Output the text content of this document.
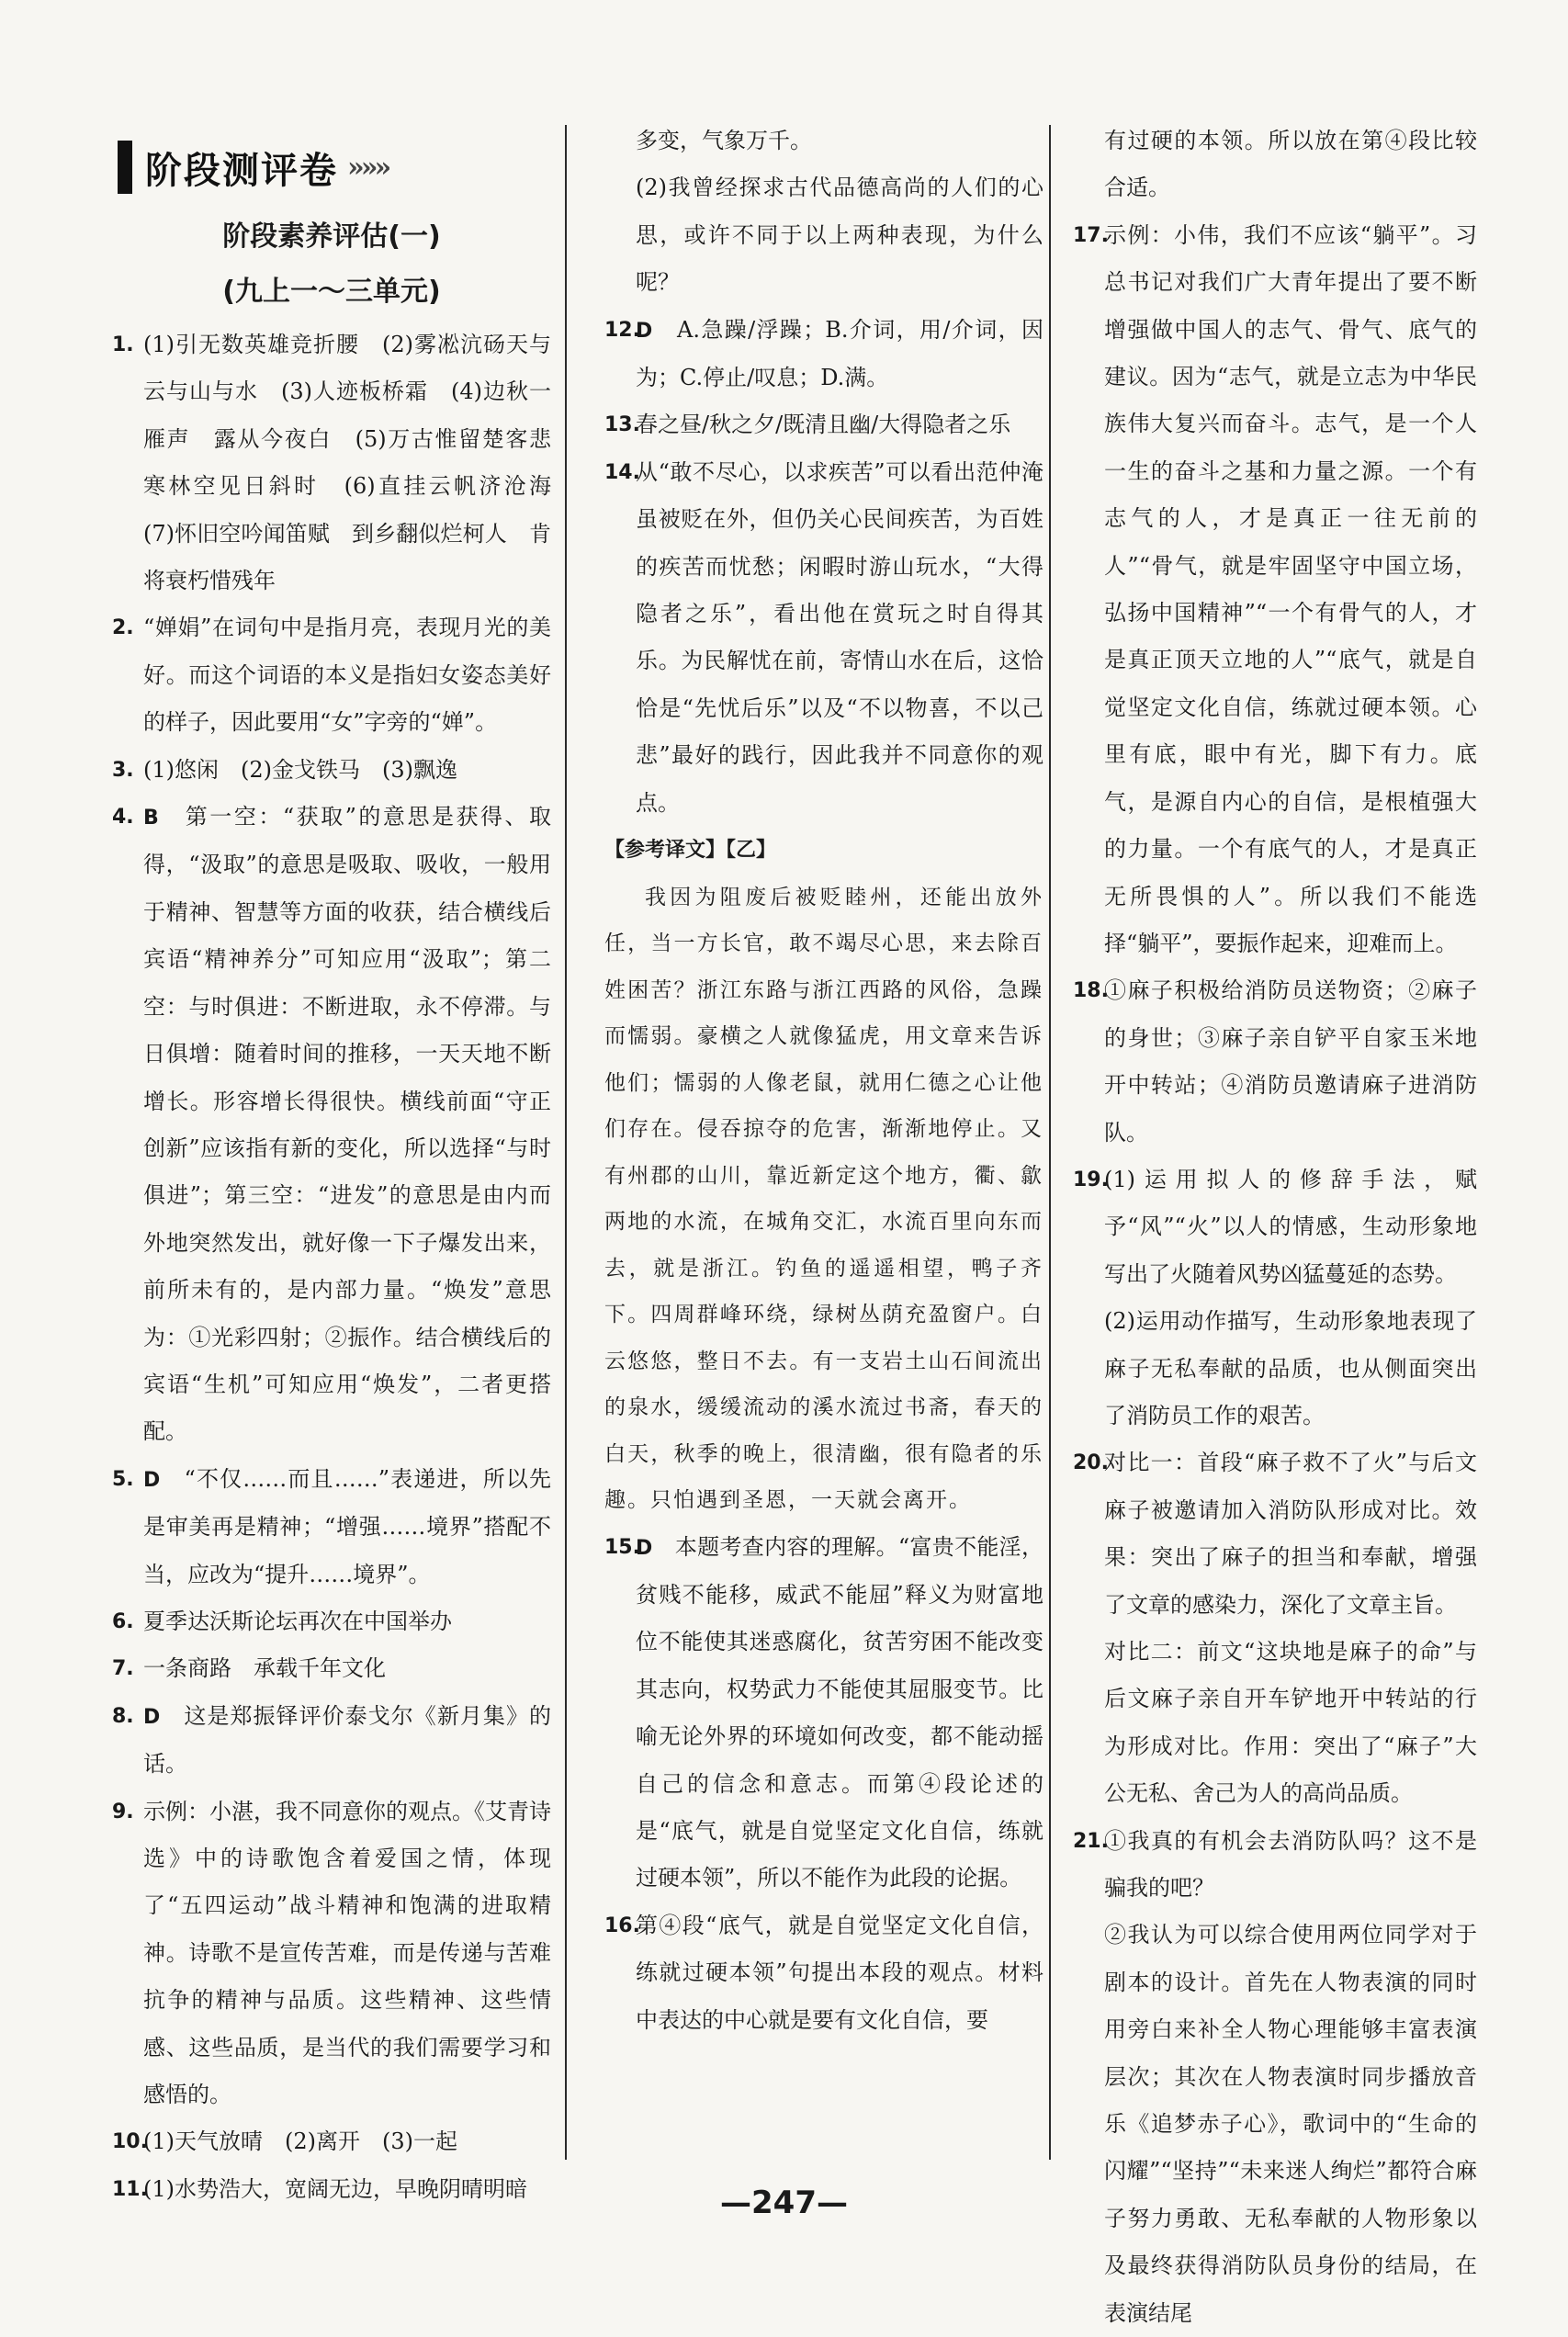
阶段测评卷 »»»
阶段素养评估(一)
(九上一～三单元)
1. (1)引无数英雄竞折腰　(2)雾凇沆砀天与云与山与水　(3)人迹板桥霜　(4)边秋一雁声　露从今夜白　(5)万古惟留楚客悲　寒林空见日斜时　(6)直挂云帆济沧海　(7)怀旧空吟闻笛赋　到乡翻似烂柯人　肯将衰朽惜残年
2. “婵娟”在词句中是指月亮，表现月光的美好。而这个词语的本义是指妇女姿态美好的样子，因此要用“女”字旁的“婵”。
3. (1)悠闲　(2)金戈铁马　(3)飘逸
4. B　第一空：“获取”的意思是获得、取得，“汲取”的意思是吸取、吸收，一般用于精神、智慧等方面的收获，结合横线后宾语“精神养分”可知应用“汲取”；第二空：与时俱进：不断进取，永不停滞。与日俱增：随着时间的推移，一天天地不断增长。形容增长得很快。横线前面“守正创新”应该指有新的变化，所以选择“与时俱进”；第三空：“进发”的意思是由内而外地突然发出，就好像一下子爆发出来，前所未有的，是内部力量。“焕发”意思为：①光彩四射；②振作。结合横线后的宾语“生机”可知应用“焕发”，二者更搭配。
5. D　“不仅……而且……”表递进，所以先是审美再是精神；“增强……境界”搭配不当，应改为“提升……境界”。
6. 夏季达沃斯论坛再次在中国举办
7. 一条商路　承载千年文化
8. D　这是郑振铎评价泰戈尔《新月集》的话。
9. 示例：小湛，我不同意你的观点。《艾青诗选》中的诗歌饱含着爱国之情，体现了“五四运动”战斗精神和饱满的进取精神。诗歌不是宣传苦难，而是传递与苦难抗争的精神与品质。这些精神、这些情感、这些品质，是当代的我们需要学习和感悟的。
10.
(1)天气放晴　(2)离开　(3)一起
11.
(1)水势浩大，宽阔无边，早晚阴晴明暗
多变，气象万千。
(2)我曾经探求古代品德高尚的人们的心思，或许不同于以上两种表现，为什么呢？
12.
D　A.急躁/浮躁；B.介词，用/介词，因为；C.停止/叹息；D.满。
13.
春之昼/秋之夕/既清且幽/大得隐者之乐
14.
从“敢不尽心，以求疾苦”可以看出范仲淹虽被贬在外，但仍关心民间疾苦，为百姓的疾苦而忧愁；闲暇时游山玩水，“大得隐者之乐”，看出他在赏玩之时自得其乐。为民解忧在前，寄情山水在后，这恰恰是“先忧后乐”以及“不以物喜，不以己悲”最好的践行，因此我并不同意你的观点。
【参考译文】【乙】
我因为阻废后被贬睦州，还能出放外任，当一方长官，敢不竭尽心思，来去除百姓困苦？浙江东路与浙江西路的风俗，急躁而懦弱。豪横之人就像猛虎，用文章来告诉他们；懦弱的人像老鼠，就用仁德之心让他们存在。侵吞掠夺的危害，渐渐地停止。又有州郡的山川，靠近新定这个地方，衢、歙两地的水流，在城角交汇，水流百里向东而去，就是浙江。钓鱼的遥遥相望，鸭子齐下。四周群峰环绕，绿树丛荫充盈窗户。白云悠悠，整日不去。有一支岩土山石间流出的泉水，缓缓流动的溪水流过书斋，春天的白天，秋季的晚上，很清幽，很有隐者的乐趣。只怕遇到圣恩，一天就会离开。
15.
D　本题考查内容的理解。“富贵不能淫，贫贱不能移，威武不能屈”释义为财富地位不能使其迷惑腐化，贫苦穷困不能改变其志向，权势武力不能使其屈服变节。比喻无论外界的环境如何改变，都不能动摇自己的信念和意志。而第④段论述的是“底气，就是自觉坚定文化自信，练就过硬本领”，所以不能作为此段的论据。
16.
第④段“底气，就是自觉坚定文化自信，练就过硬本领”句提出本段的观点。材料中表达的中心就是要有文化自信，要
有过硬的本领。所以放在第④段比较合适。
17.
示例：小伟，我们不应该“躺平”。习总书记对我们广大青年提出了要不断增强做中国人的志气、骨气、底气的建议。因为“志气，就是立志为中华民族伟大复兴而奋斗。志气，是一个人一生的奋斗之基和力量之源。一个有志气的人，才是真正一往无前的人”“骨气，就是牢固坚守中国立场，弘扬中国精神”“一个有骨气的人，才是真正顶天立地的人”“底气，就是自觉坚定文化自信，练就过硬本领。心里有底，眼中有光，脚下有力。底气，是源自内心的自信，是根植强大的力量。一个有底气的人，才是真正无所畏惧的人”。所以我们不能选择“躺平”，要振作起来，迎难而上。
18.
①麻子积极给消防员送物资；②麻子的身世；③麻子亲自铲平自家玉米地开中转站；④消防员邀请麻子进消防队。
19.
(1)运用拟人的修辞手法，赋予“风”“火”以人的情感，生动形象地写出了火随着风势凶猛蔓延的态势。
(2)运用动作描写，生动形象地表现了麻子无私奉献的品质，也从侧面突出了消防员工作的艰苦。
20.
对比一：首段“麻子救不了火”与后文麻子被邀请加入消防队形成对比。效果：突出了麻子的担当和奉献，增强了文章的感染力，深化了文章主旨。
对比二：前文“这块地是麻子的命”与后文麻子亲自开车铲地开中转站的行为形成对比。作用：突出了“麻子”大公无私、舍己为人的高尚品质。
21.
①我真的有机会去消防队吗？这不是骗我的吧？
②我认为可以综合使用两位同学对于剧本的设计。首先在人物表演的同时用旁白来补全人物心理能够丰富表演层次；其次在人物表演时同步播放音乐《追梦赤子心》，歌词中的“生命的闪耀”“坚持”“未来迷人绚烂”都符合麻子努力勇敢、无私奉献的人物形象以及最终获得消防队员身份的结局，在表演结尾
—247—
